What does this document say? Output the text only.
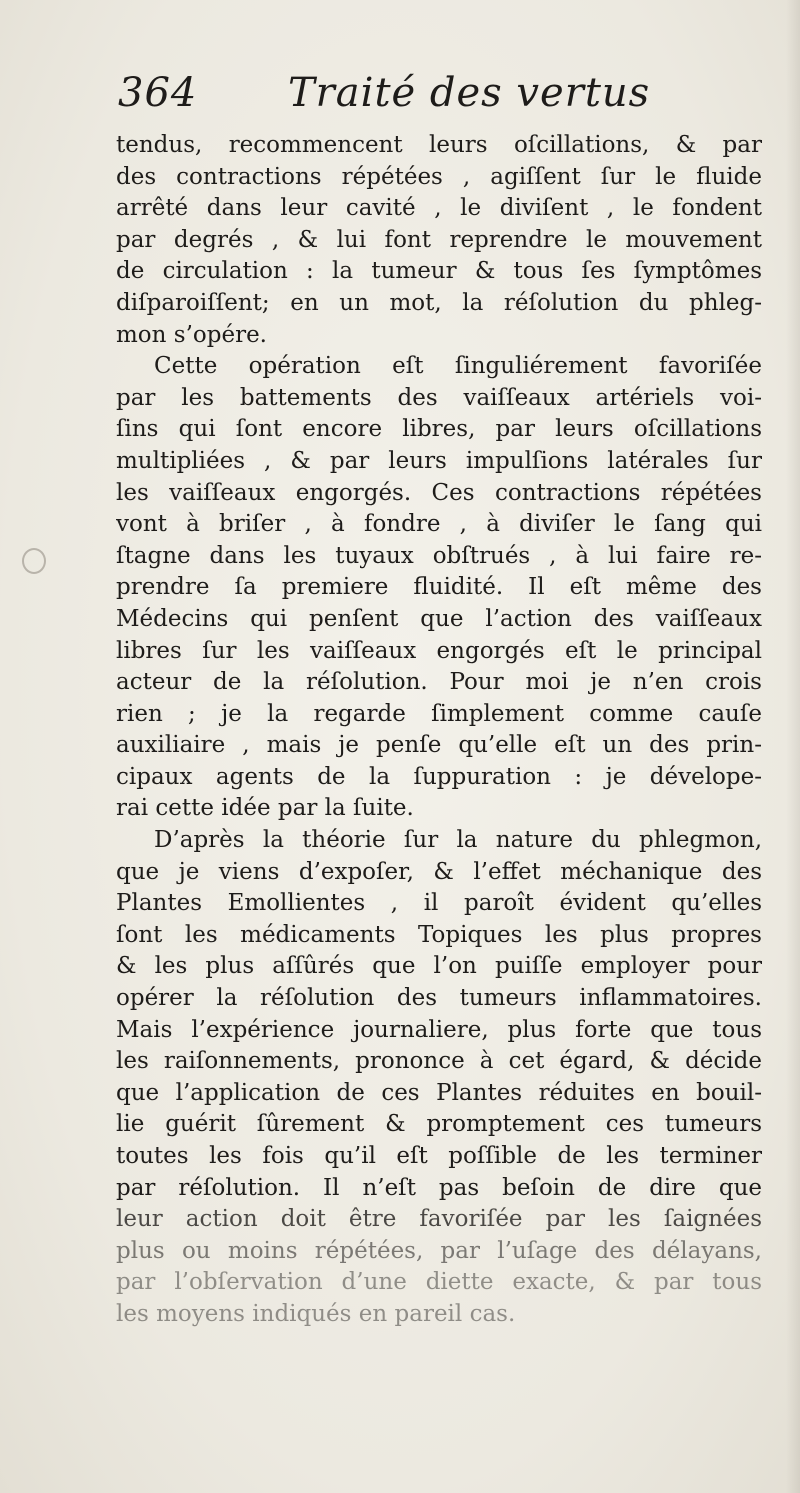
364 Traité des vertus
tendus, recommencent leurs oſcillations, & par
des contractions répétées , agiſſent ſur le fluide
arrêté dans leur cavité , le diviſent , le fondent
par degrés , & lui font reprendre le mouvement
de circulation : la tumeur & tous ſes ſymptômes
diſparoiſſent; en un mot, la réſolution du phleg-
mon s’opére.
Cette opération eſt ſinguliérement favoriſée
par les battements des vaiſſeaux artériels voi-
ſins qui ſont encore libres, par leurs oſcillations
multipliées , & par leurs impulſions latérales ſur
les vaiſſeaux engorgés. Ces contractions répétées
vont à briſer , à fondre , à diviſer le ſang qui
ſtagne dans les tuyaux obſtrués , à lui faire re-
prendre ſa premiere fluidité. Il eſt même des
Médecins qui penſent que l’action des vaiſſeaux
libres ſur les vaiſſeaux engorgés eſt le principal
acteur de la réſolution. Pour moi je n’en crois
rien ; je la regarde ſimplement comme cauſe
auxiliaire , mais je penſe qu’elle eſt un des prin-
cipaux agents de la ſuppuration : je dévelope-
rai cette idée par la ſuite.
D’après la théorie ſur la nature du phlegmon,
que je viens d’expoſer, & l’effet méchanique des
Plantes Emollientes , il paroît évident qu’elles
ſont les médicaments Topiques les plus propres
& les plus aſſûrés que l’on puiſſe employer pour
opérer la réſolution des tumeurs inflammatoires.
Mais l’expérience journaliere, plus forte que tous
les raiſonnements, prononce à cet égard, & décide
que l’application de ces Plantes réduites en bouil-
lie guérit ſûrement & promptement ces tumeurs
toutes les fois qu’il eſt poſſible de les terminer
par réſolution. Il n’eſt pas beſoin de dire que
leur action doit être favoriſée par les ſaignées
plus ou moins répétées, par l’uſage des délayans,
par l’obſervation d’une diette exacte, & par tous
les moyens indiqués en pareil cas.
